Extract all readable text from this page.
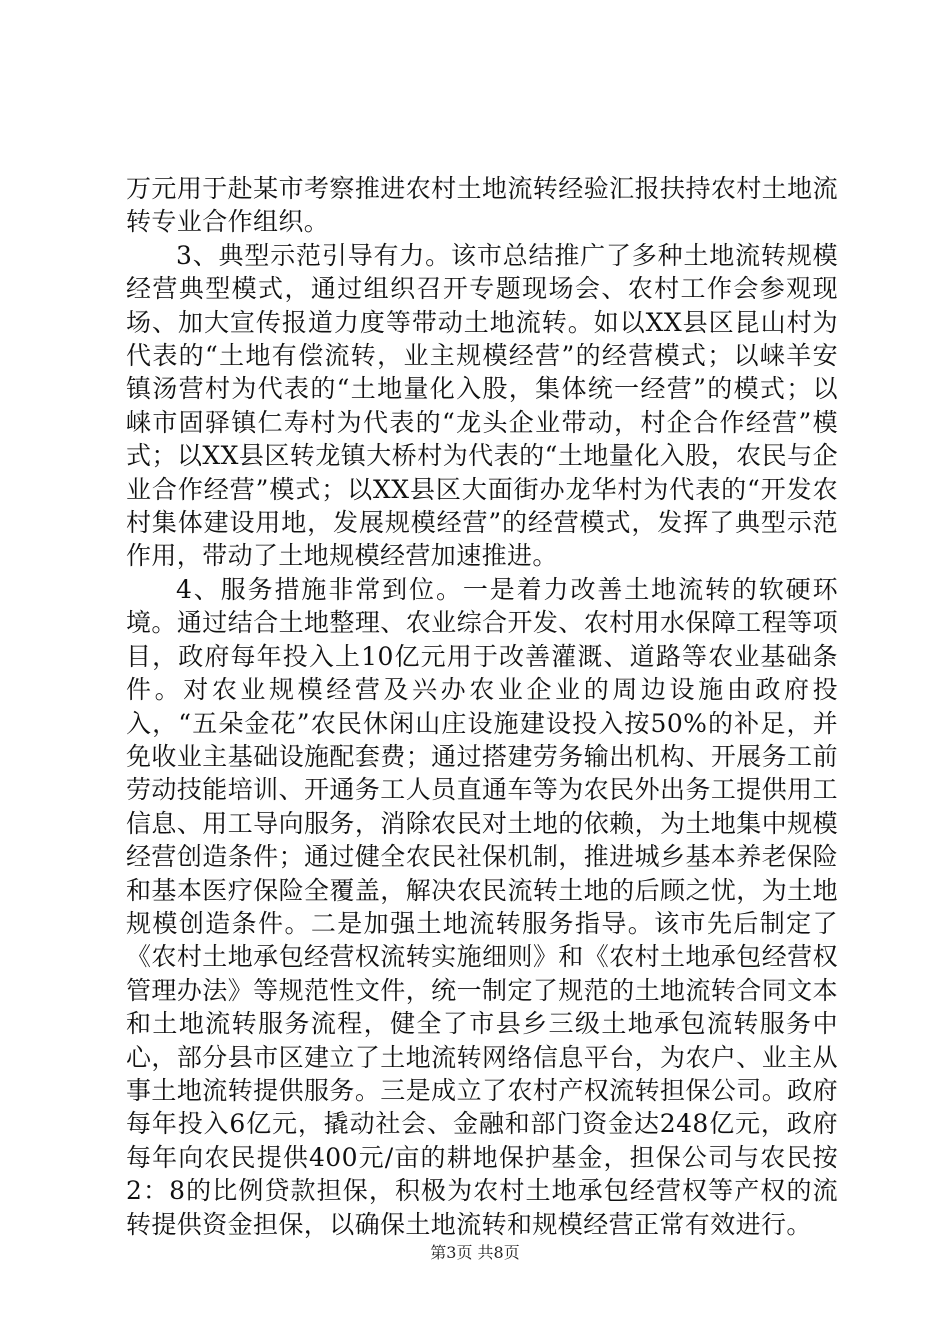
万元用于赴某市考察推进农村土地流转经验汇报扶持农村土地流转专业合作组织。

3、典型示范引导有力。该市总结推广了多种土地流转规模经营典型模式，通过组织召开专题现场会、农村工作会参观现场、加大宣传报道力度等带动土地流转。如以XX县区昆山村为代表的“土地有偿流转，业主规模经营”的经营模式；以崃羊安镇汤营村为代表的“土地量化入股，集体统一经营”的模式；以崃市固驿镇仁寿村为代表的“龙头企业带动，村企合作经营”模式；以XX县区转龙镇大桥村为代表的“土地量化入股，农民与企业合作经营”模式；以XX县区大面街办龙华村为代表的“开发农村集体建设用地，发展规模经营”的经营模式，发挥了典型示范作用，带动了土地规模经营加速推进。

4、服务措施非常到位。一是着力改善土地流转的软硬环境。通过结合土地整理、农业综合开发、农村用水保障工程等项目，政府每年投入上10亿元用于改善灌溉、道路等农业基础条件。对农业规模经营及兴办农业企业的周边设施由政府投入，“五朵金花”农民休闲山庄设施建设投入按50%的补足，并免收业主基础设施配套费；通过搭建劳务输出机构、开展务工前劳动技能培训、开通务工人员直通车等为农民外出务工提供用工信息、用工导向服务，消除农民对土地的依赖，为土地集中规模经营创造条件；通过健全农民社保机制，推进城乡基本养老保险和基本医疗保险全覆盖，解决农民流转土地的后顾之忧，为土地规模创造条件。二是加强土地流转服务指导。该市先后制定了《农村土地承包经营权流转实施细则》和《农村土地承包经营权管理办法》等规范性文件，统一制定了规范的土地流转合同文本和土地流转服务流程，健全了市县乡三级土地承包流转服务中心，部分县市区建立了土地流转网络信息平台，为农户、业主从事土地流转提供服务。三是成立了农村产权流转担保公司。政府每年投入6亿元，撬动社会、金融和部门资金达248亿元，政府每年向农民提供400元/亩的耕地保护基金，担保公司与农民按2：8的比例贷款担保，积极为农村土地承包经营权等产权的流转提供资金担保，以确保土地流转和规模经营正常有效进行。

第3页 共8页
